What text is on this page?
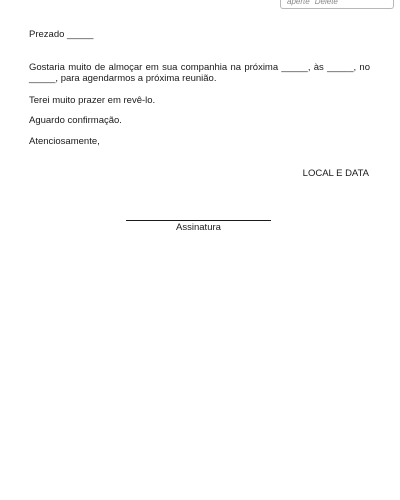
aperte "Delete"
Prezado _____
Gostaria muito de almoçar em sua companhia na próxima _____, às _____, no _____, para agendarmos a próxima reunião.
Terei muito prazer em revê-lo.
Aguardo confirmação.
Atenciosamente,
LOCAL E DATA
Assinatura
